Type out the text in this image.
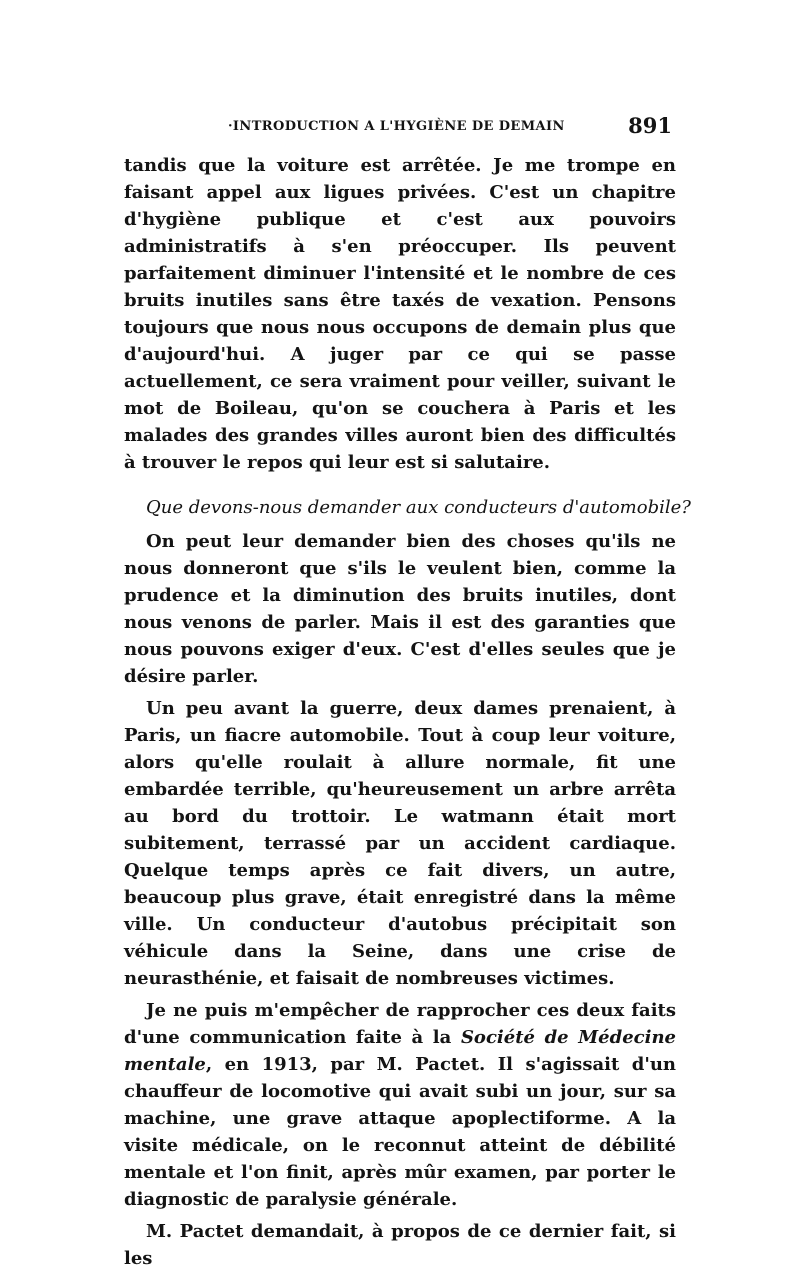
·INTRODUCTION A L'HYGIÈNE DE DEMAIN	891

tandis que la voiture est arrêtée. Je me trompe en faisant appel aux ligues privées. C'est un chapitre d'hygiène publique et c'est aux pouvoirs administratifs à s'en préoccuper. Ils peuvent parfaitement diminuer l'intensité et le nombre de ces bruits inutiles sans être taxés de vexation. Pensons toujours que nous nous occupons de demain plus que d'aujourd'hui. A juger par ce qui se passe actuellement, ce sera vraiment pour veiller, suivant le mot de Boileau, qu'on se couchera à Paris et les malades des grandes villes auront bien des difficultés à trouver le repos qui leur est si salutaire.

Que devons-nous demander aux conducteurs d'automobile?

On peut leur demander bien des choses qu'ils ne nous donneront que s'ils le veulent bien, comme la prudence et la diminution des bruits inutiles, dont nous venons de parler. Mais il est des garanties que nous pouvons exiger d'eux. C'est d'elles seules que je désire parler.

Un peu avant la guerre, deux dames prenaient, à Paris, un fiacre automobile. Tout à coup leur voiture, alors qu'elle roulait à allure normale, fit une embardée terrible, qu'heureusement un arbre arrêta au bord du trottoir. Le watmann était mort subitement, terrassé par un accident cardiaque. Quelque temps après ce fait divers, un autre, beaucoup plus grave, était enregistré dans la même ville. Un conducteur d'autobus précipitait son véhicule dans la Seine, dans une crise de neurasthénie, et faisait de nombreuses victimes.

Je ne puis m'empêcher de rapprocher ces deux faits d'une communication faite à la Société de Médecine mentale, en 1913, par M. Pactet. Il s'agissait d'un chauffeur de locomotive qui avait subi un jour, sur sa machine, une grave attaque apoplectiforme. A la visite médicale, on le reconnut atteint de débilité mentale et l'on finit, après mûr examen, par porter le diagnostic de paralysie générale.

M. Pactet demandait, à propos de ce dernier fait, si les
